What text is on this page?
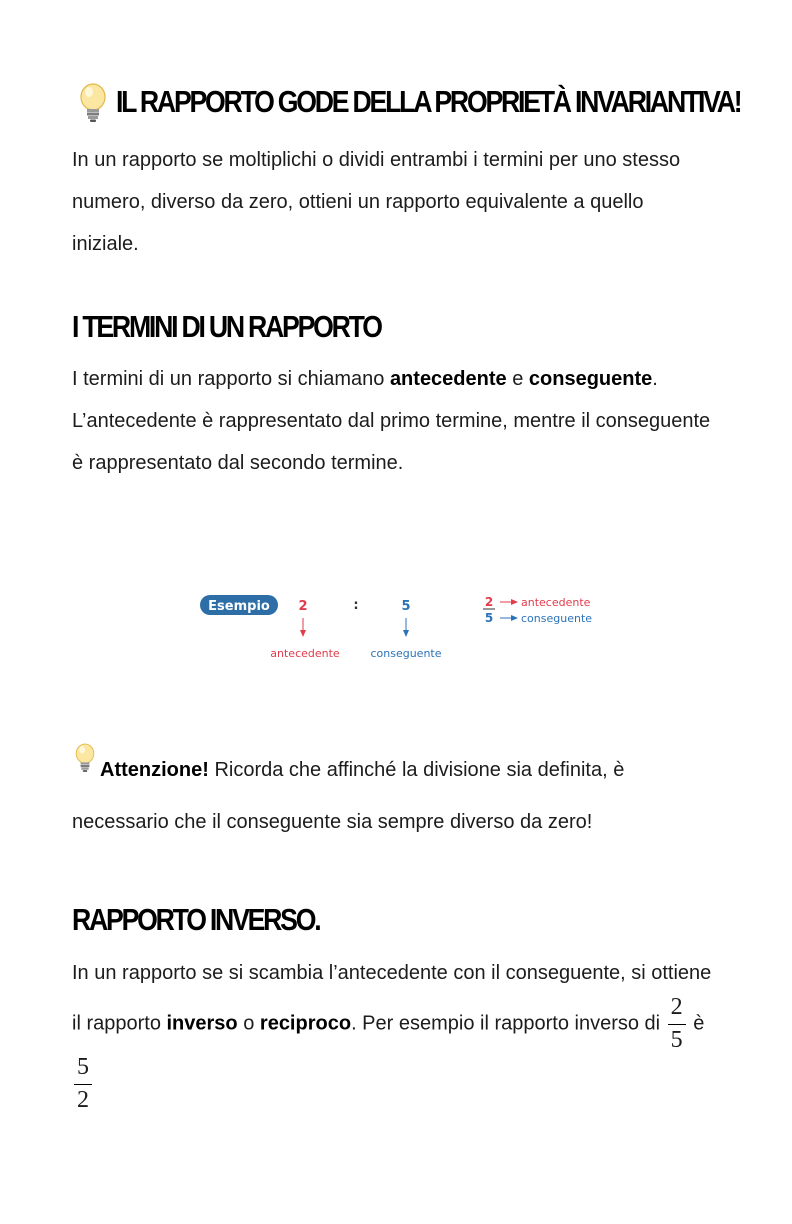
IL RAPPORTO GODE DELLA PROPRIETÀ INVARIANTIVA!
In un rapporto se moltiplichi o dividi entrambi i termini per uno stesso numero, diverso da zero, ottieni un rapporto equivalente a quello iniziale.
I TERMINI DI UN RAPPORTO
I termini di un rapporto si chiamano antecedente e conseguente. L’antecedente è rappresentato dal primo termine, mentre il conseguente è rappresentato dal secondo termine.
Esempio 2	:	5
antecedente	conseguente
2
5
antecedente
conseguente
Attenzione! Ricorda che affinché la divisione sia definita, è necessario che il conseguente sia sempre diverso da zero!
RAPPORTO INVERSO.
In un rapporto se si scambia l’antecedente con il conseguente, si ottiene il rapporto inverso o reciproco. Per esempio il rapporto inverso di $\frac{2}{5}$ è
$\frac{5}{2}$
